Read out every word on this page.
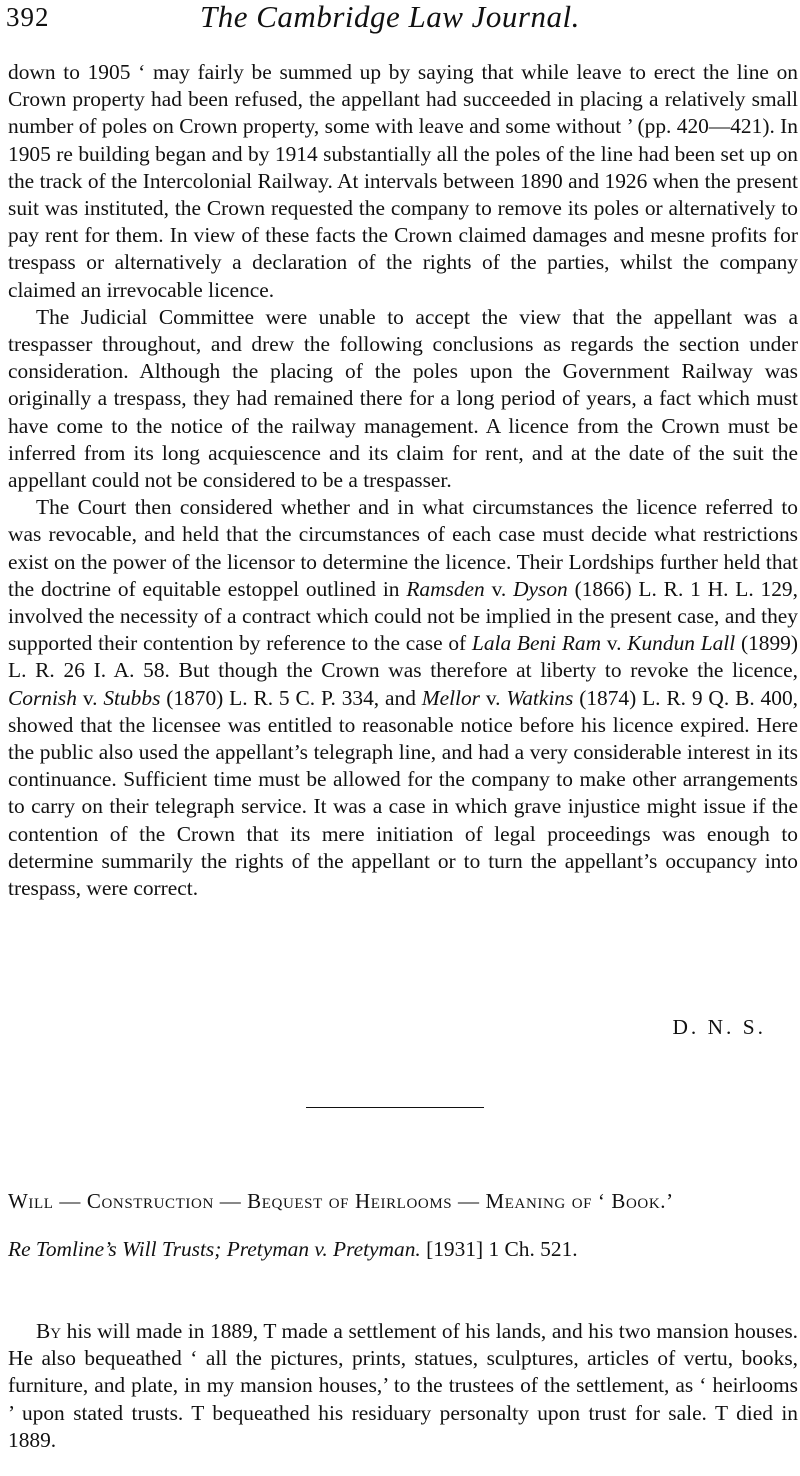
392	The Cambridge Law Journal.

down to 1905 ‘ may fairly be summed up by saying that while leave to erect the line on Crown property had been refused, the appellant had succeeded in placing a relatively small number of poles on Crown property, some with leave and some without ’ (pp. 420—421). In 1905 re building began and by 1914 substantially all the poles of the line had been set up on the track of the Intercolonial Railway. At intervals between 1890 and 1926 when the present suit was instituted, the Crown requested the company to remove its poles or alternatively to pay rent for them. In view of these facts the Crown claimed damages and mesne profits for trespass or alternatively a declaration of the rights of the parties, whilst the company claimed an irrevocable licence.

The Judicial Committee were unable to accept the view that the appellant was a trespasser throughout, and drew the following conclusions as regards the section under consideration. Although the placing of the poles upon the Government Railway was originally a trespass, they had remained there for a long period of years, a fact which must have come to the notice of the railway management. A licence from the Crown must be inferred from its long acquiescence and its claim for rent, and at the date of the suit the appellant could not be considered to be a trespasser.

The Court then considered whether and in what circumstances the licence referred to was revocable, and held that the circumstances of each case must decide what restrictions exist on the power of the licensor to determine the licence. Their Lordships further held that the doctrine of equitable estoppel outlined in Ramsden v. Dyson (1866) L. R. 1 H. L. 129, involved the necessity of a contract which could not be implied in the present case, and they supported their contention by reference to the case of Lala Beni Ram v. Kundun Lall (1899) L. R. 26 I. A. 58. But though the Crown was therefore at liberty to revoke the licence, Cornish v. Stubbs (1870) L. R. 5 C. P. 334, and Mellor v. Watkins (1874) L. R. 9 Q. B. 400, showed that the licensee was entitled to reasonable notice before his licence expired. Here the public also used the appellant’s telegraph line, and had a very considerable interest in its continuance. Sufficient time must be allowed for the company to make other arrangements to carry on their telegraph service. It was a case in which grave injustice might issue if the contention of the Crown that its mere initiation of legal proceedings was enough to determine summarily the rights of the appellant or to turn the appellant’s occupancy into trespass, were correct.

D. N. S.
Will — Construction — Bequest of Heirlooms — Meaning of ‘ Book.’
Re Tomline’s Will Trusts; Pretyman v. Pretyman. [1931] 1 Ch. 521.

By his will made in 1889, T made a settlement of his lands, and his two mansion houses. He also bequeathed ‘ all the pictures, prints, statues, sculptures, articles of vertu, books, furniture, and plate, in my mansion houses,’ to the trustees of the settlement, as ‘ heirlooms ’ upon stated trusts. T bequeathed his residuary personalty upon trust for sale. T died in 1889.
